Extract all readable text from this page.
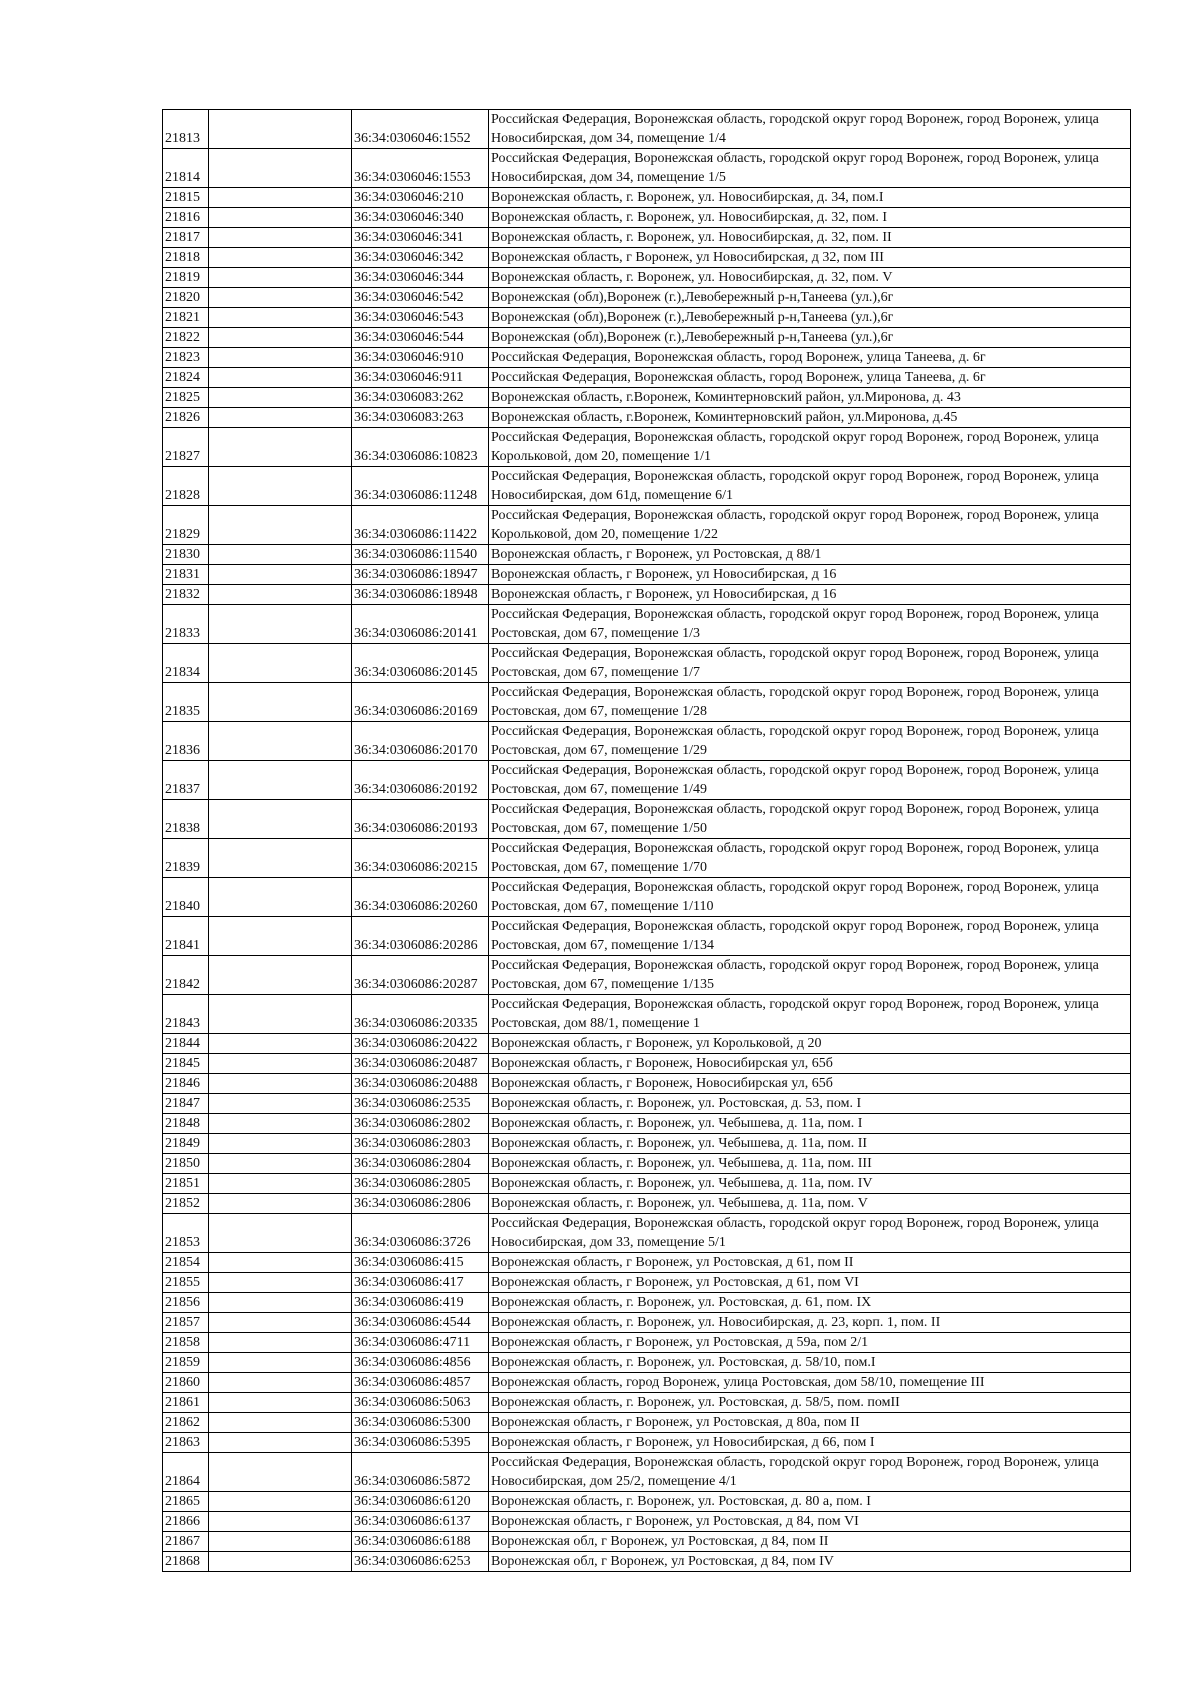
21813		36:34:0306046:1552	Российская Федерация, Воронежская область, городской округ город Воронеж, город Воронеж, улица Новосибирская, дом 34, помещение 1/4
21814		36:34:0306046:1553	Российская Федерация, Воронежская область, городской округ город Воронеж, город Воронеж, улица Новосибирская, дом 34, помещение 1/5
21815		36:34:0306046:210	Воронежская область, г. Воронеж, ул. Новосибирская, д. 34, пом.I
21816		36:34:0306046:340	Воронежская область, г. Воронеж, ул. Новосибирская, д. 32, пом. I
21817		36:34:0306046:341	Воронежская область, г. Воронеж, ул. Новосибирская, д. 32, пом. II
21818		36:34:0306046:342	Воронежская область, г Воронеж, ул Новосибирская, д 32, пом III
21819		36:34:0306046:344	Воронежская область, г. Воронеж, ул. Новосибирская, д. 32, пом. V
21820		36:34:0306046:542	Воронежская (обл),Воронеж (г.),Левобережный р-н,Танеева (ул.),6г
21821		36:34:0306046:543	Воронежская (обл),Воронеж (г.),Левобережный р-н,Танеева (ул.),6г
21822		36:34:0306046:544	Воронежская (обл),Воронеж (г.),Левобережный р-н,Танеева (ул.),6г
21823		36:34:0306046:910	Российская Федерация, Воронежская область, город Воронеж, улица Танеева, д. 6г
21824		36:34:0306046:911	Российская Федерация, Воронежская область, город Воронеж, улица Танеева, д. 6г
21825		36:34:0306083:262	Воронежская область, г.Воронеж, Коминтерновский район, ул.Миронова, д. 43
21826		36:34:0306083:263	Воронежская область, г.Воронеж, Коминтерновский район, ул.Миронова, д.45
21827		36:34:0306086:10823	Российская Федерация, Воронежская область, городской округ город Воронеж, город Воронеж, улица Корольковой, дом 20, помещение 1/1
21828		36:34:0306086:11248	Российская Федерация, Воронежская область, городской округ город Воронеж, город Воронеж, улица Новосибирская, дом 61д, помещение 6/1
21829		36:34:0306086:11422	Российская Федерация, Воронежская область, городской округ город Воронеж, город Воронеж, улица Корольковой, дом 20, помещение 1/22
21830		36:34:0306086:11540	Воронежская область, г Воронеж, ул Ростовская, д 88/1
21831		36:34:0306086:18947	Воронежская область, г Воронеж, ул Новосибирская, д 16
21832		36:34:0306086:18948	Воронежская область, г Воронеж, ул Новосибирская, д 16
21833		36:34:0306086:20141	Российская Федерация, Воронежская область, городской округ город Воронеж, город Воронеж, улица Ростовская, дом 67, помещение 1/3
21834		36:34:0306086:20145	Российская Федерация, Воронежская область, городской округ город Воронеж, город Воронеж, улица Ростовская, дом 67, помещение 1/7
21835		36:34:0306086:20169	Российская Федерация, Воронежская область, городской округ город Воронеж, город Воронеж, улица Ростовская, дом 67, помещение 1/28
21836		36:34:0306086:20170	Российская Федерация, Воронежская область, городской округ город Воронеж, город Воронеж, улица Ростовская, дом 67, помещение 1/29
21837		36:34:0306086:20192	Российская Федерация, Воронежская область, городской округ город Воронеж, город Воронеж, улица Ростовская, дом 67, помещение 1/49
21838		36:34:0306086:20193	Российская Федерация, Воронежская область, городской округ город Воронеж, город Воронеж, улица Ростовская, дом 67, помещение 1/50
21839		36:34:0306086:20215	Российская Федерация, Воронежская область, городской округ город Воронеж, город Воронеж, улица Ростовская, дом 67, помещение 1/70
21840		36:34:0306086:20260	Российская Федерация, Воронежская область, городской округ город Воронеж, город Воронеж, улица Ростовская, дом 67, помещение 1/110
21841		36:34:0306086:20286	Российская Федерация, Воронежская область, городской округ город Воронеж, город Воронеж, улица Ростовская, дом 67, помещение 1/134
21842		36:34:0306086:20287	Российская Федерация, Воронежская область, городской округ город Воронеж, город Воронеж, улица Ростовская, дом 67, помещение 1/135
21843		36:34:0306086:20335	Российская Федерация, Воронежская область, городской округ город Воронеж, город Воронеж, улица Ростовская, дом 88/1, помещение 1
21844		36:34:0306086:20422	Воронежская область, г Воронеж, ул Корольковой, д 20
21845		36:34:0306086:20487	Воронежская область, г Воронеж, Новосибирская ул, 65б
21846		36:34:0306086:20488	Воронежская область, г Воронеж, Новосибирская ул, 65б
21847		36:34:0306086:2535	Воронежская область, г. Воронеж, ул. Ростовская, д. 53, пом. I
21848		36:34:0306086:2802	Воронежская область, г. Воронеж, ул. Чебышева, д. 11а, пом. I
21849		36:34:0306086:2803	Воронежская область, г. Воронеж, ул. Чебышева, д. 11а, пом. II
21850		36:34:0306086:2804	Воронежская область, г. Воронеж, ул. Чебышева, д. 11а, пом. III
21851		36:34:0306086:2805	Воронежская область, г. Воронеж, ул. Чебышева, д. 11а, пом. IV
21852		36:34:0306086:2806	Воронежская область, г. Воронеж, ул. Чебышева, д. 11а, пом. V
21853		36:34:0306086:3726	Российская Федерация, Воронежская область, городской округ город Воронеж, город Воронеж, улица Новосибирская, дом 33, помещение 5/1
21854		36:34:0306086:415	Воронежская область, г Воронеж, ул Ростовская, д 61, пом II
21855		36:34:0306086:417	Воронежская область, г Воронеж, ул Ростовская, д 61, пом VI
21856		36:34:0306086:419	Воронежская область, г. Воронеж, ул. Ростовская, д. 61, пом. IX
21857		36:34:0306086:4544	Воронежская область, г. Воронеж, ул. Новосибирская, д. 23, корп. 1, пом. II
21858		36:34:0306086:4711	Воронежская область, г Воронеж, ул Ростовская, д 59а, пом 2/1
21859		36:34:0306086:4856	Воронежская область, г. Воронеж, ул. Ростовская, д. 58/10, пом.I
21860		36:34:0306086:4857	Воронежская область, город Воронеж, улица Ростовская, дом 58/10, помещение III
21861		36:34:0306086:5063	Воронежская область, г. Воронеж, ул. Ростовская, д. 58/5, пом. помII
21862		36:34:0306086:5300	Воронежская область, г Воронеж, ул Ростовская, д 80а, пом II
21863		36:34:0306086:5395	Воронежская область, г Воронеж, ул Новосибирская, д 66, пом I
21864		36:34:0306086:5872	Российская Федерация, Воронежская область, городской округ город Воронеж, город Воронеж, улица Новосибирская, дом 25/2, помещение 4/1
21865		36:34:0306086:6120	Воронежская область, г. Воронеж, ул. Ростовская, д. 80 а, пом. I
21866		36:34:0306086:6137	Воронежская область, г Воронеж, ул Ростовская, д 84, пом VI
21867		36:34:0306086:6188	Воронежская обл, г Воронеж, ул Ростовская, д 84, пом II
21868		36:34:0306086:6253	Воронежская обл, г Воронеж, ул Ростовская, д 84, пом IV
